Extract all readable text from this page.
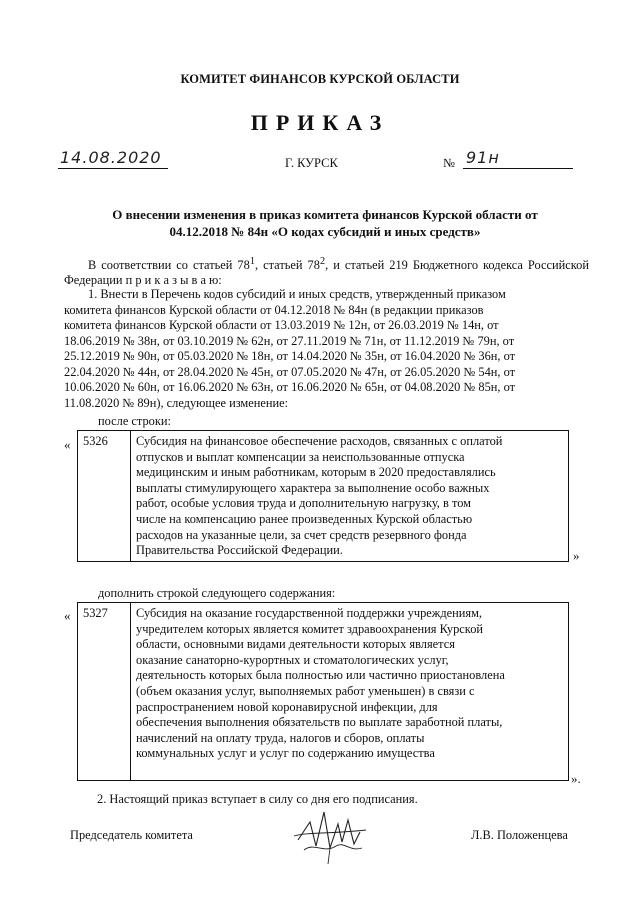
КОМИТЕТ ФИНАНСОВ КУРСКОЙ ОБЛАСТИ
ПРИКАЗ
14.08.2020	Г. КУРСК	№ 91н
О внесении изменения в приказ комитета финансов Курской области от
04.12.2018 № 84н «О кодах субсидий и иных средств»
В соответствии со статьей $78^1$, статьей $78^2$, и статьей 219 Бюджетного кодекса Российской Федерации п р и к а з ы в а ю:
1. Внести в Перечень кодов субсидий и иных средств, утвержденный приказом
комитета финансов Курской области от 04.12.2018 № 84н (в редакции приказов
комитета финансов Курской области от 13.03.2019 № 12н, от 26.03.2019 № 14н, от
18.06.2019 № 38н, от 03.10.2019 № 62н, от 27.11.2019 № 71н, от 11.12.2019 № 79н, от
25.12.2019 № 90н, от 05.03.2020 № 18н, от 14.04.2020 № 35н, от 16.04.2020 № 36н, от
22.04.2020 № 44н, от 28.04.2020 № 45н, от 07.05.2020 № 47н, от 26.05.2020 № 54н, от
10.06.2020 № 60н, от 16.06.2020 № 63н, от 16.06.2020 № 65н, от 04.08.2020 № 85н, от
11.08.2020 № 89н), следующее изменение:
после строки:
« 5326	Субсидия на финансовое обеспечение расходов, связанных с оплатой

отпусков и выплат компенсации за неиспользованные отпуска

медицинским и иным работникам, которым в 2020 предоставлялись

выплаты стимулирующего характера за выполнение особо важных

работ, особые условия труда и дополнительную нагрузку, в том

числе на компенсацию ранее произведенных Курской областью

расходов на указанные цели, за счет средств резервного фонда

Правительства Российской Федерации.	»
дополнить строкой следующего содержания:
« 5327	Субсидия на оказание государственной поддержки учреждениям,

учредителем которых является комитет здравоохранения Курской

области, основными видами деятельности которых является

оказание санаторно-курортных и стоматологических услуг,

деятельность которых была полностью или частично приостановлена

(объем оказания услуг, выполняемых работ уменьшен) в связи с

распространением новой коронавирусной инфекции, для

обеспечения выполнения обязательств по выплате заработной платы,

начислений на оплату труда, налогов и сборов, оплаты

коммунальных услуг и услуг по содержанию имущества

».
2. Настоящий приказ вступает в силу со дня его подписания.
Председатель комитета	Л.В. Положенцева
